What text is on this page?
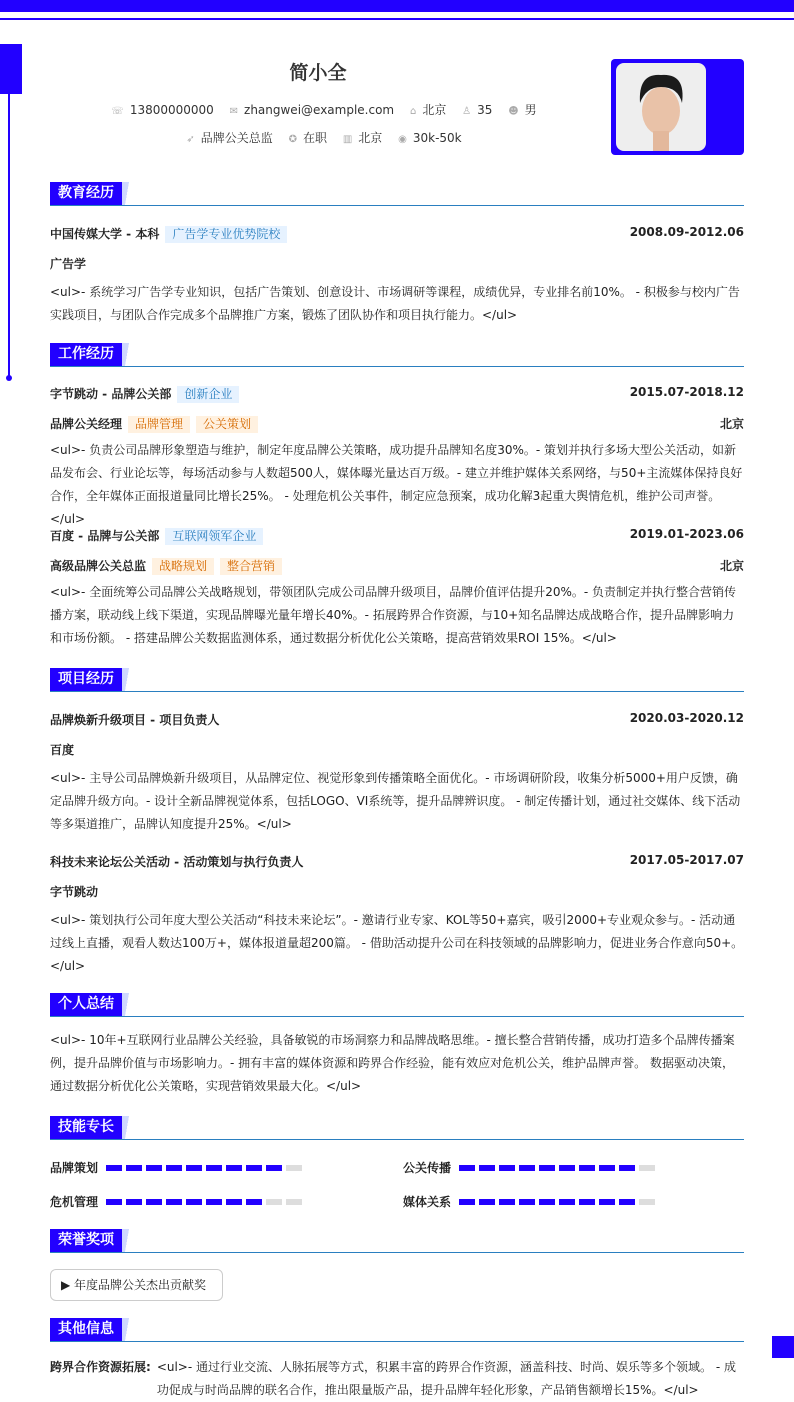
简小全
☏ 13800000000 ✉ zhangwei@example.com ⌂ 北京 ♙ 35 ☻ 男
➶ 品牌公关总监 ✪ 在职 ▥ 北京 ◉ 30k-50k
教育经历
中国传媒大学 - 本科 广告学专业优势院校	2008.09-2012.06
广告学
<ul>- 系统学习广告学专业知识，包括广告策划、创意设计、市场调研等课程，成绩优异，专业排名前10%。 - 积极参与校内广告实践项目，与团队合作完成多个品牌推广方案，锻炼了团队协作和项目执行能力。</ul>
工作经历
字节跳动 - 品牌公关部 创新企业	2015.07-2018.12
品牌公关经理 品牌管理 公关策划	北京
<ul>- 负责公司品牌形象塑造与维护，制定年度品牌公关策略，成功提升品牌知名度30%。- 策划并执行多场大型公关活动，如新品发布会、行业论坛等，每场活动参与人数超500人，媒体曝光量达百万级。- 建立并维护媒体关系网络，与50+主流媒体保持良好合作，全年媒体正面报道量同比增长25%。 - 处理危机公关事件，制定应急预案，成功化解3起重大舆情危机，维护公司声誉。</ul>
百度 - 品牌与公关部 互联网领军企业	2019.01-2023.06
高级品牌公关总监 战略规划 整合营销	北京
<ul>- 全面统筹公司品牌公关战略规划，带领团队完成公司品牌升级项目，品牌价值评估提升20%。- 负责制定并执行整合营销传播方案，联动线上线下渠道，实现品牌曝光量年增长40%。- 拓展跨界合作资源，与10+知名品牌达成战略合作，提升品牌影响力和市场份额。 - 搭建品牌公关数据监测体系，通过数据分析优化公关策略，提高营销效果ROI 15%。</ul>
项目经历
品牌焕新升级项目 - 项目负责人	2020.03-2020.12
百度
<ul>- 主导公司品牌焕新升级项目，从品牌定位、视觉形象到传播策略全面优化。- 市场调研阶段，收集分析5000+用户反馈，确定品牌升级方向。- 设计全新品牌视觉体系，包括LOGO、VI系统等，提升品牌辨识度。 - 制定传播计划，通过社交媒体、线下活动等多渠道推广，品牌认知度提升25%。</ul>
科技未来论坛公关活动 - 活动策划与执行负责人	2017.05-2017.07
字节跳动
<ul>- 策划执行公司年度大型公关活动“科技未来论坛”。- 邀请行业专家、KOL等50+嘉宾，吸引2000+专业观众参与。- 活动通过线上直播，观看人数达100万+，媒体报道量超200篇。 - 借助活动提升公司在科技领域的品牌影响力，促进业务合作意向50+。</ul>
个人总结
<ul>- 10年+互联网行业品牌公关经验，具备敏锐的市场洞察力和品牌战略思维。- 擅长整合营销传播，成功打造多个品牌传播案例，提升品牌价值与市场影响力。- 拥有丰富的媒体资源和跨界合作经验，能有效应对危机公关，维护品牌声誉。 数据驱动决策，通过数据分析优化公关策略，实现营销效果最大化。</ul>
技能专长
品牌策划	公关传播
危机管理	媒体关系
荣誉奖项
▶ 年度品牌公关杰出贡献奖
其他信息
跨界合作资源拓展: <ul>- 通过行业交流、人脉拓展等方式，积累丰富的跨界合作资源，涵盖科技、时尚、娱乐等多个领域。 - 成功促成与时尚品牌的联名合作，推出限量版产品，提升品牌年轻化形象，产品销售额增长15%。</ul>
